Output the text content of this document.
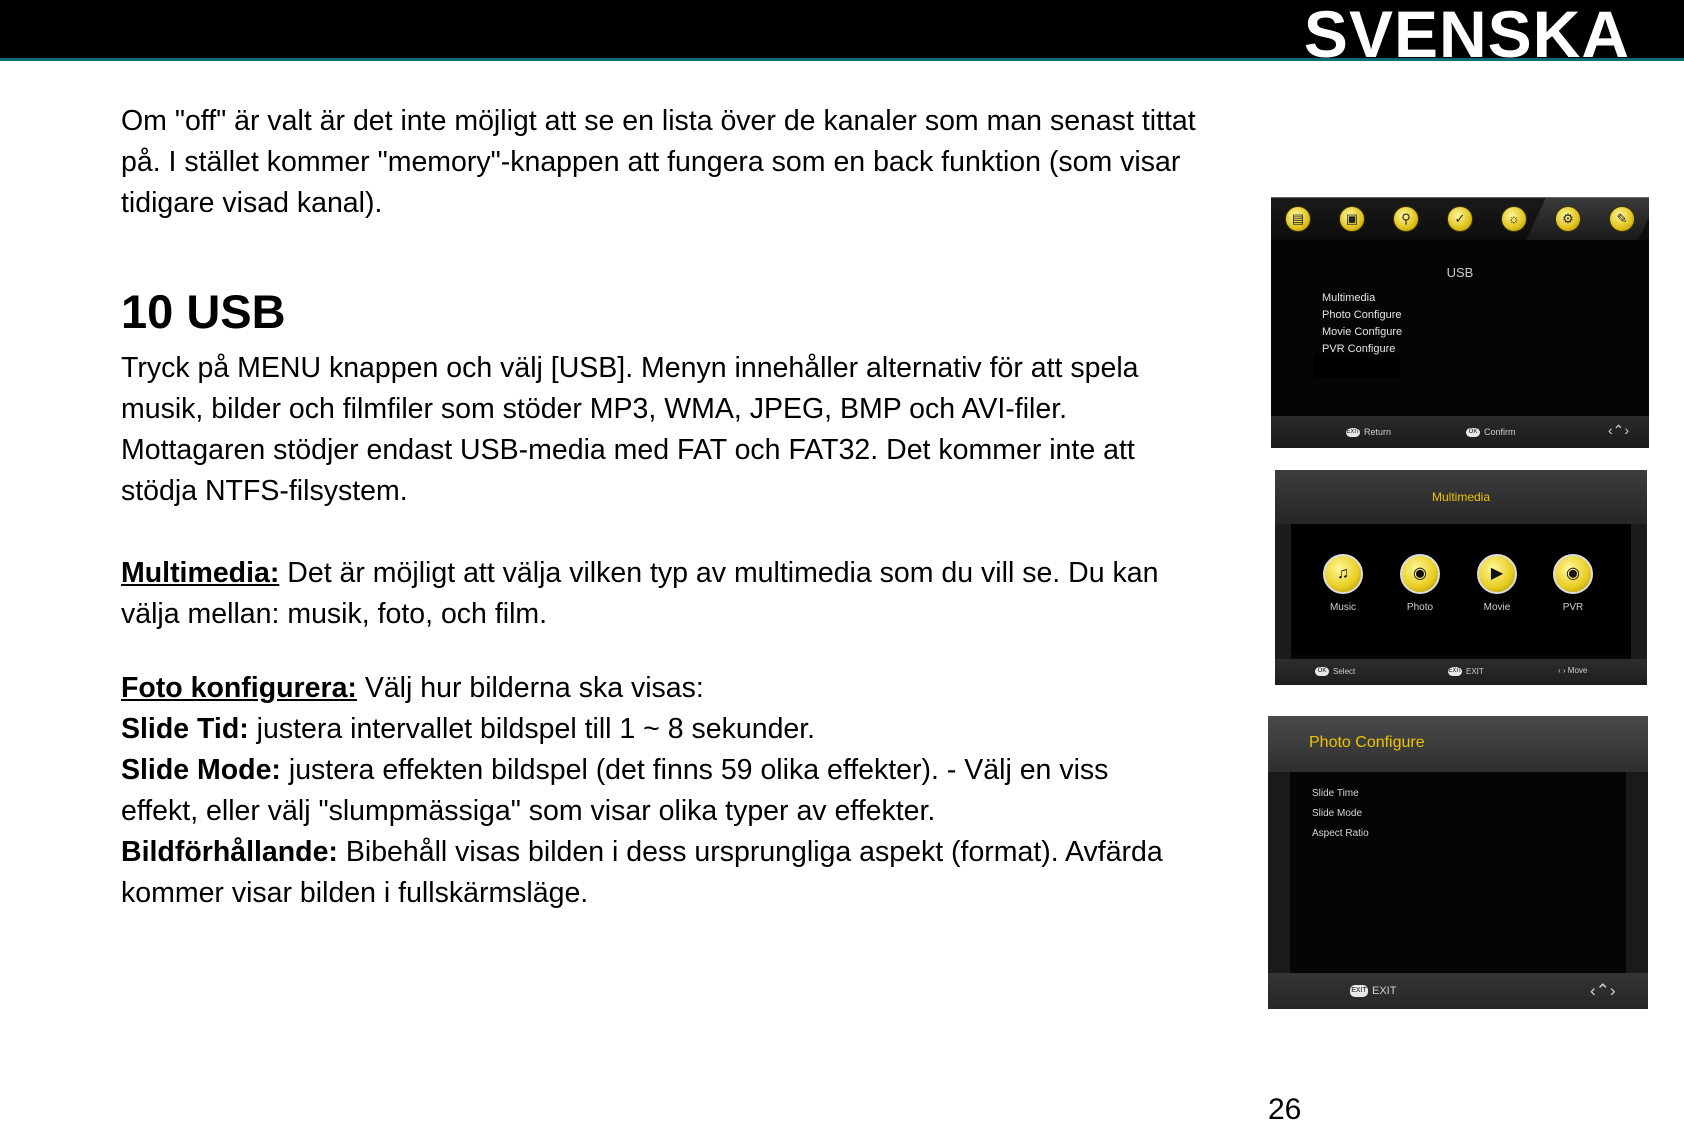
SVENSKA
Om "off" är valt är det inte möjligt att se en lista över de kanaler som man senast tittat
på. I stället kommer "memory"-knappen att fungera som en back funktion (som visar
tidigare visad kanal).
10 USB
Tryck på MENU knappen och välj [USB]. Menyn innehåller alternativ för att spela
musik, bilder och filmfiler som stöder MP3, WMA, JPEG, BMP och AVI-filer.
Mottagaren stödjer endast USB-media med FAT och FAT32. Det kommer inte att
stödja NTFS-filsystem.
Multimedia: Det är möjligt att välja vilken typ av multimedia som du vill se. Du kan
välja mellan: musik, foto, och film.
Foto konfigurera: Välj hur bilderna ska visas:
Slide Tid: justera intervallet bildspel till 1 ~ 8 sekunder.
Slide Mode: justera effekten bildspel (det finns 59 olika effekter). - Välj en viss
effekt, eller välj "slumpmässiga" som visar olika typer av effekter.
Bildförhållande: Bibehåll visas bilden i dess ursprungliga aspekt (format). Avfärda
kommer visar bilden i fullskärmsläge.
26
▤	▣	⚲	✓	☼	⚙	✎
USB
Multimedia
Photo Configure
Movie Configure
PVR Configure
EXIT Return	OK Confirm	‹⌃›
Multimedia
♫
Music
◉
Photo
▶
Movie
◉
PVR
OK Select	EXIT EXIT	‹ › Move
Photo Configure
Slide Time
Slide Mode
Aspect Ratio
EXIT EXIT	‹⌃›
